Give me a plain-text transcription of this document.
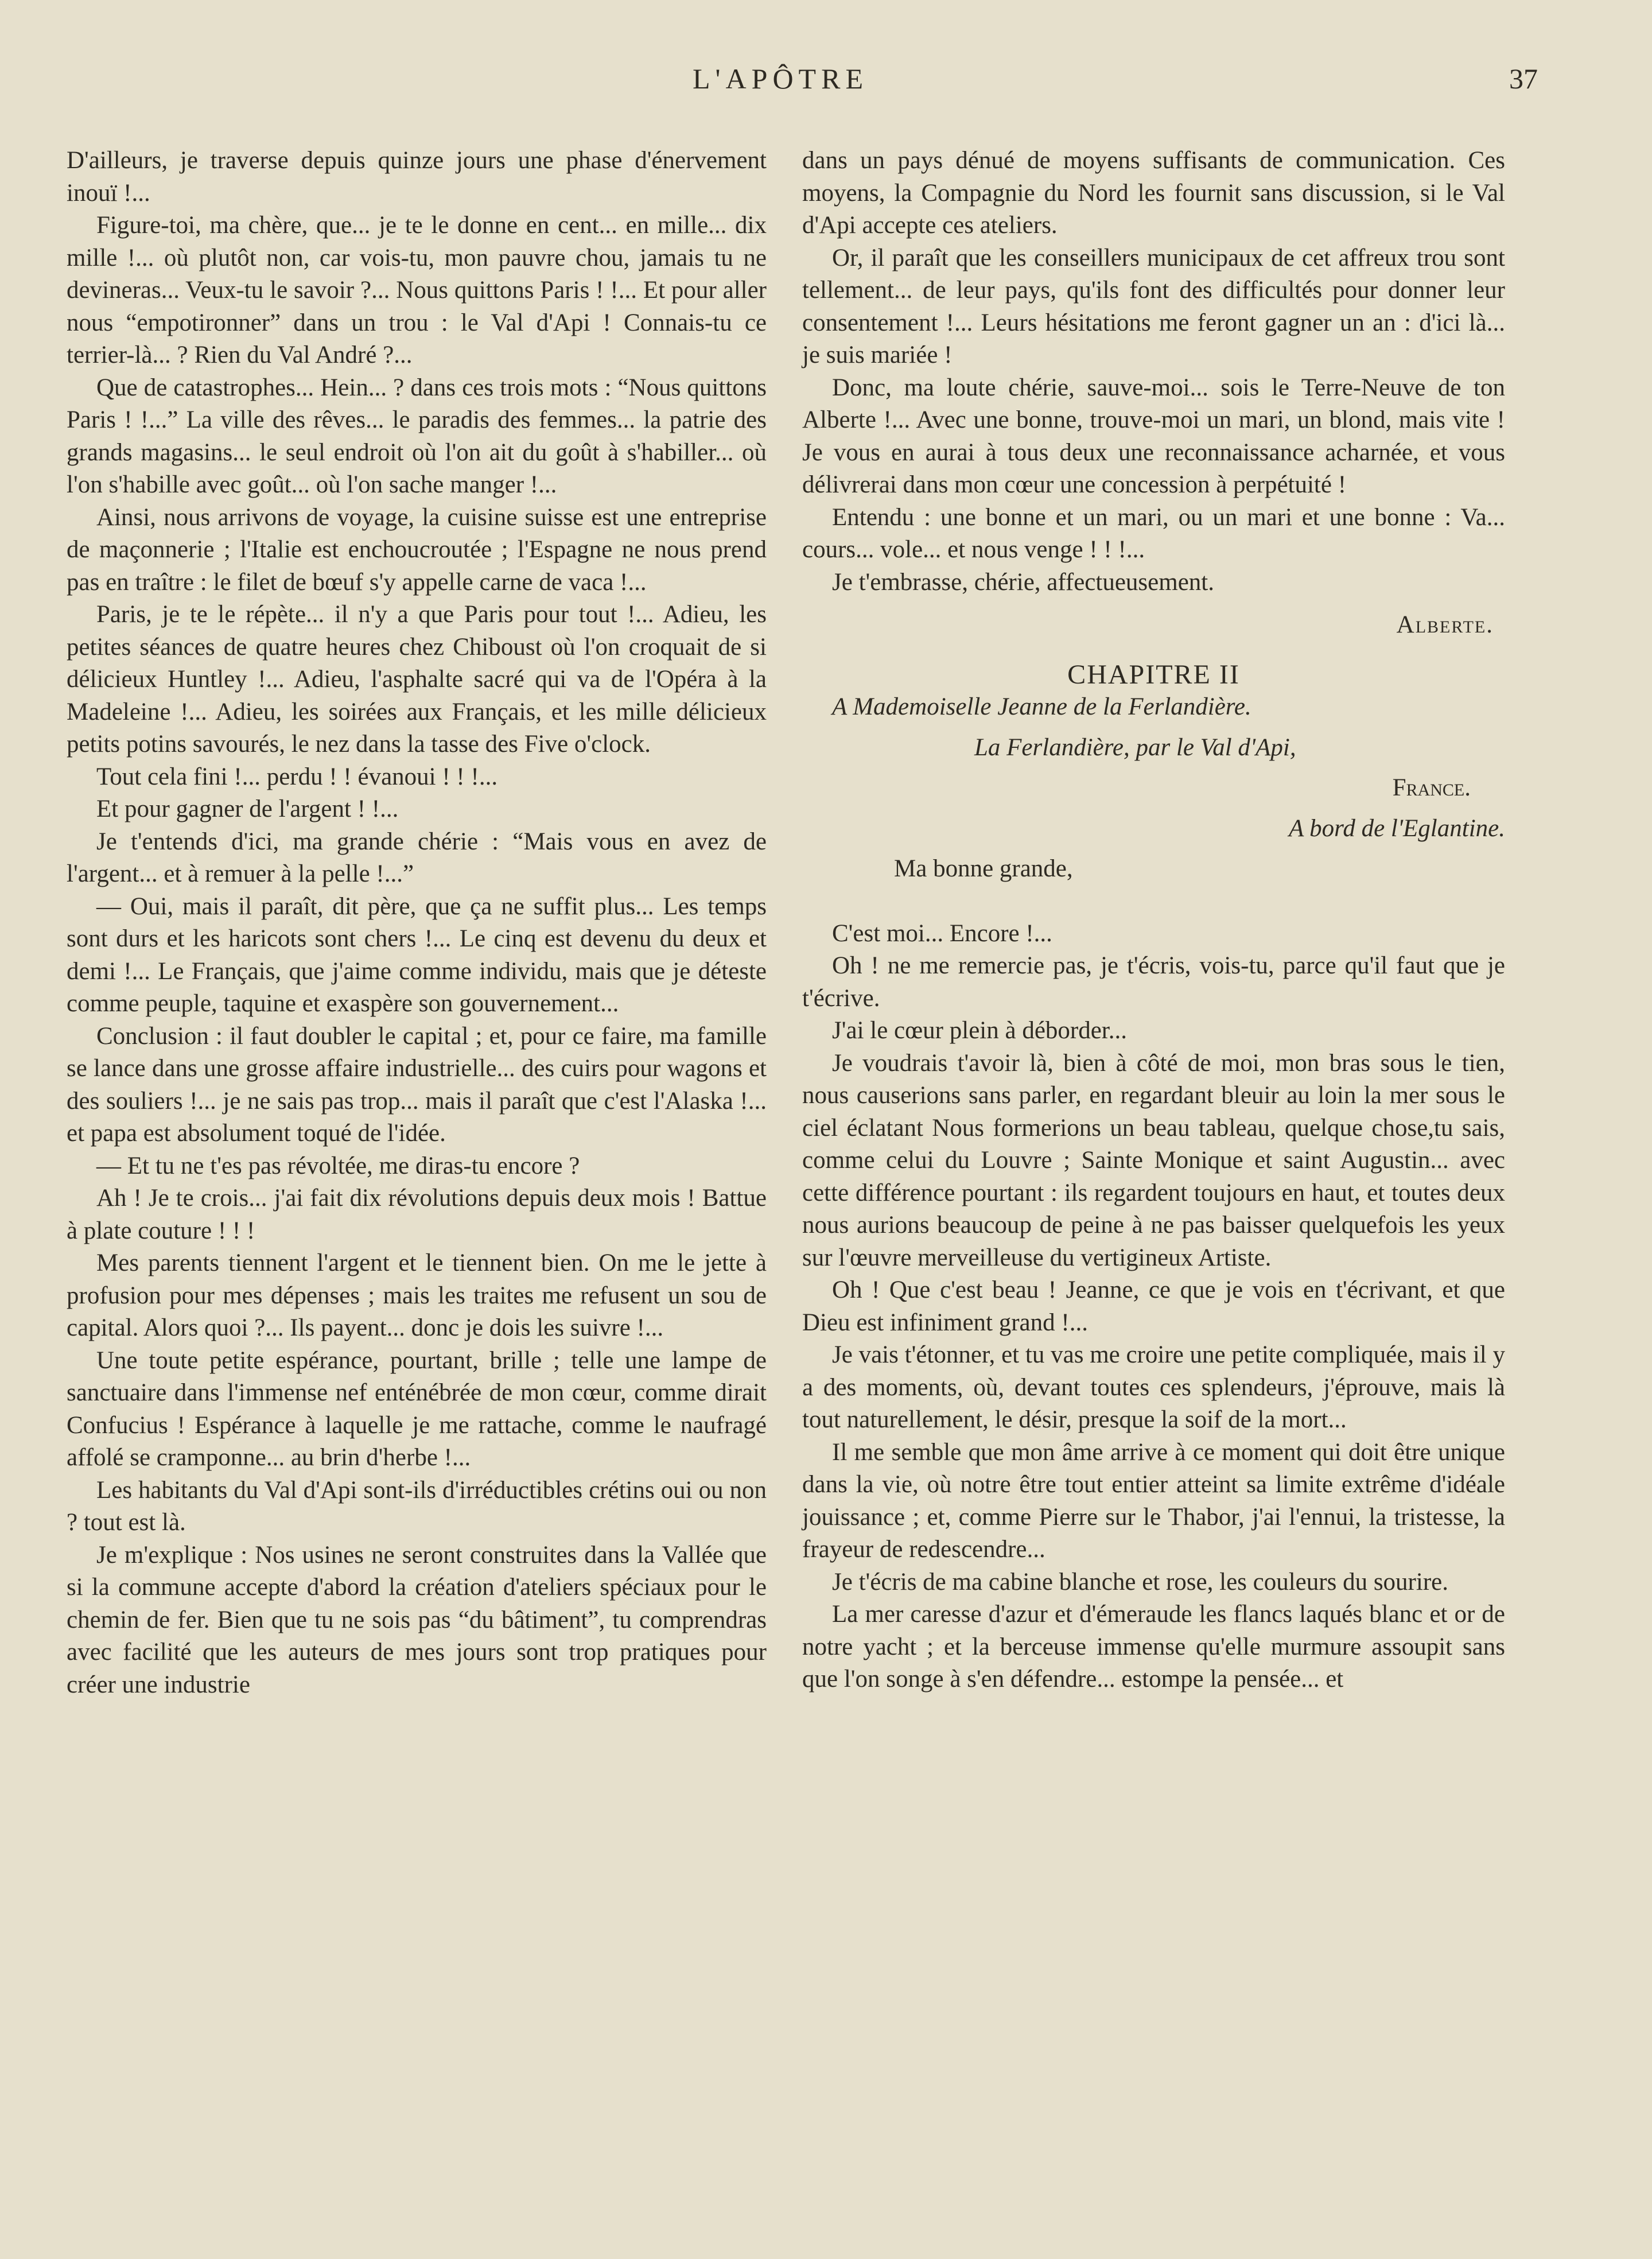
L'APÔTRE	37

D'ailleurs, je traverse depuis quinze jours une phase d'énervement inouï !...

Figure-toi, ma chère, que... je te le donne en cent... en mille... dix mille !... où plutôt non, car vois-tu, mon pauvre chou, jamais tu ne devineras... Veux-tu le savoir ?... Nous quittons Paris ! !... Et pour aller nous “empotironner” dans un trou : le Val d'Api ! Connais-tu ce terrier-là... ? Rien du Val André ?...

Que de catastrophes... Hein... ? dans ces trois mots : “Nous quittons Paris ! !...” La ville des rêves... le paradis des femmes... la patrie des grands magasins... le seul endroit où l'on ait du goût à s'habiller... où l'on s'habille avec goût... où l'on sache manger !...

Ainsi, nous arrivons de voyage, la cuisine suisse est une entreprise de maçonnerie ; l'Italie est enchoucroutée ; l'Espagne ne nous prend pas en traître : le filet de bœuf s'y appelle carne de vaca !...

Paris, je te le répète... il n'y a que Paris pour tout !... Adieu, les petites séances de quatre heures chez Chiboust où l'on croquait de si délicieux Huntley !... Adieu, l'asphalte sacré qui va de l'Opéra à la Madeleine !... Adieu, les soirées aux Français, et les mille délicieux petits potins savourés, le nez dans la tasse des Five o'clock.

Tout cela fini !... perdu ! ! évanoui ! ! !...

Et pour gagner de l'argent ! !...

Je t'entends d'ici, ma grande chérie : “Mais vous en avez de l'argent... et à remuer à la pelle !...”

— Oui, mais il paraît, dit père, que ça ne suffit plus... Les temps sont durs et les haricots sont chers !... Le cinq est devenu du deux et demi !... Le Français, que j'aime comme individu, mais que je déteste comme peuple, taquine et exaspère son gouvernement...

Conclusion : il faut doubler le capital ; et, pour ce faire, ma famille se lance dans une grosse affaire industrielle... des cuirs pour wagons et des souliers !... je ne sais pas trop... mais il paraît que c'est l'Alaska !... et papa est absolument toqué de l'idée.

— Et tu ne t'es pas révoltée, me diras-tu encore ?

Ah ! Je te crois... j'ai fait dix révolutions depuis deux mois ! Battue à plate couture ! ! !

Mes parents tiennent l'argent et le tiennent bien. On me le jette à profusion pour mes dépenses ; mais les traites me refusent un sou de capital. Alors quoi ?... Ils payent... donc je dois les suivre !...

Une toute petite espérance, pourtant, brille ; telle une lampe de sanctuaire dans l'immense nef enténébrée de mon cœur, comme dirait Confucius ! Espérance à laquelle je me rattache, comme le naufragé affolé se cramponne... au brin d'herbe !...

Les habitants du Val d'Api sont-ils d'irréductibles crétins oui ou non ? tout est là.

Je m'explique : Nos usines ne seront construites dans la Vallée que si la commune accepte d'abord la création d'ateliers spéciaux pour le chemin de fer. Bien que tu ne sois pas “du bâtiment”, tu comprendras avec facilité que les auteurs de mes jours sont trop pratiques pour créer une industrie

dans un pays dénué de moyens suffisants de communication. Ces moyens, la Compagnie du Nord les fournit sans discussion, si le Val d'Api accepte ces ateliers.

Or, il paraît que les conseillers municipaux de cet affreux trou sont tellement... de leur pays, qu'ils font des difficultés pour donner leur consentement !... Leurs hésitations me feront gagner un an : d'ici là... je suis mariée !

Donc, ma loute chérie, sauve-moi... sois le Terre-Neuve de ton Alberte !... Avec une bonne, trouve-moi un mari, un blond, mais vite ! Je vous en aurai à tous deux une reconnaissance acharnée, et vous délivrerai dans mon cœur une concession à perpétuité !

Entendu : une bonne et un mari, ou un mari et une bonne : Va... cours... vole... et nous venge ! ! !...

Je t'embrasse, chérie, affectueusement.

Alberte.

CHAPITRE II

A Mademoiselle Jeanne de la Ferlandière.

La Ferlandière, par le Val d'Api,

France.

A bord de l'Eglantine.

Ma bonne grande,

C'est moi... Encore !...

Oh ! ne me remercie pas, je t'écris, vois-tu, parce qu'il faut que je t'écrive.

J'ai le cœur plein à déborder...

Je voudrais t'avoir là, bien à côté de moi, mon bras sous le tien, nous causerions sans parler, en regardant bleuir au loin la mer sous le ciel éclatant Nous formerions un beau tableau, quelque chose,tu sais, comme celui du Louvre ; Sainte Monique et saint Augustin... avec cette différence pourtant : ils regardent toujours en haut, et toutes deux nous aurions beaucoup de peine à ne pas baisser quelquefois les yeux sur l'œuvre merveilleuse du vertigineux Artiste.

Oh ! Que c'est beau ! Jeanne, ce que je vois en t'écrivant, et que Dieu est infiniment grand !...

Je vais t'étonner, et tu vas me croire une petite compliquée, mais il y a des moments, où, devant toutes ces splendeurs, j'éprouve, mais là tout naturellement, le désir, presque la soif de la mort...

Il me semble que mon âme arrive à ce moment qui doit être unique dans la vie, où notre être tout entier atteint sa limite extrême d'idéale jouissance ; et, comme Pierre sur le Thabor, j'ai l'ennui, la tristesse, la frayeur de redescendre...

Je t'écris de ma cabine blanche et rose, les couleurs du sourire.

La mer caresse d'azur et d'émeraude les flancs laqués blanc et or de notre yacht ; et la berceuse immense qu'elle murmure assoupit sans que l'on songe à s'en défendre... estompe la pensée... et
